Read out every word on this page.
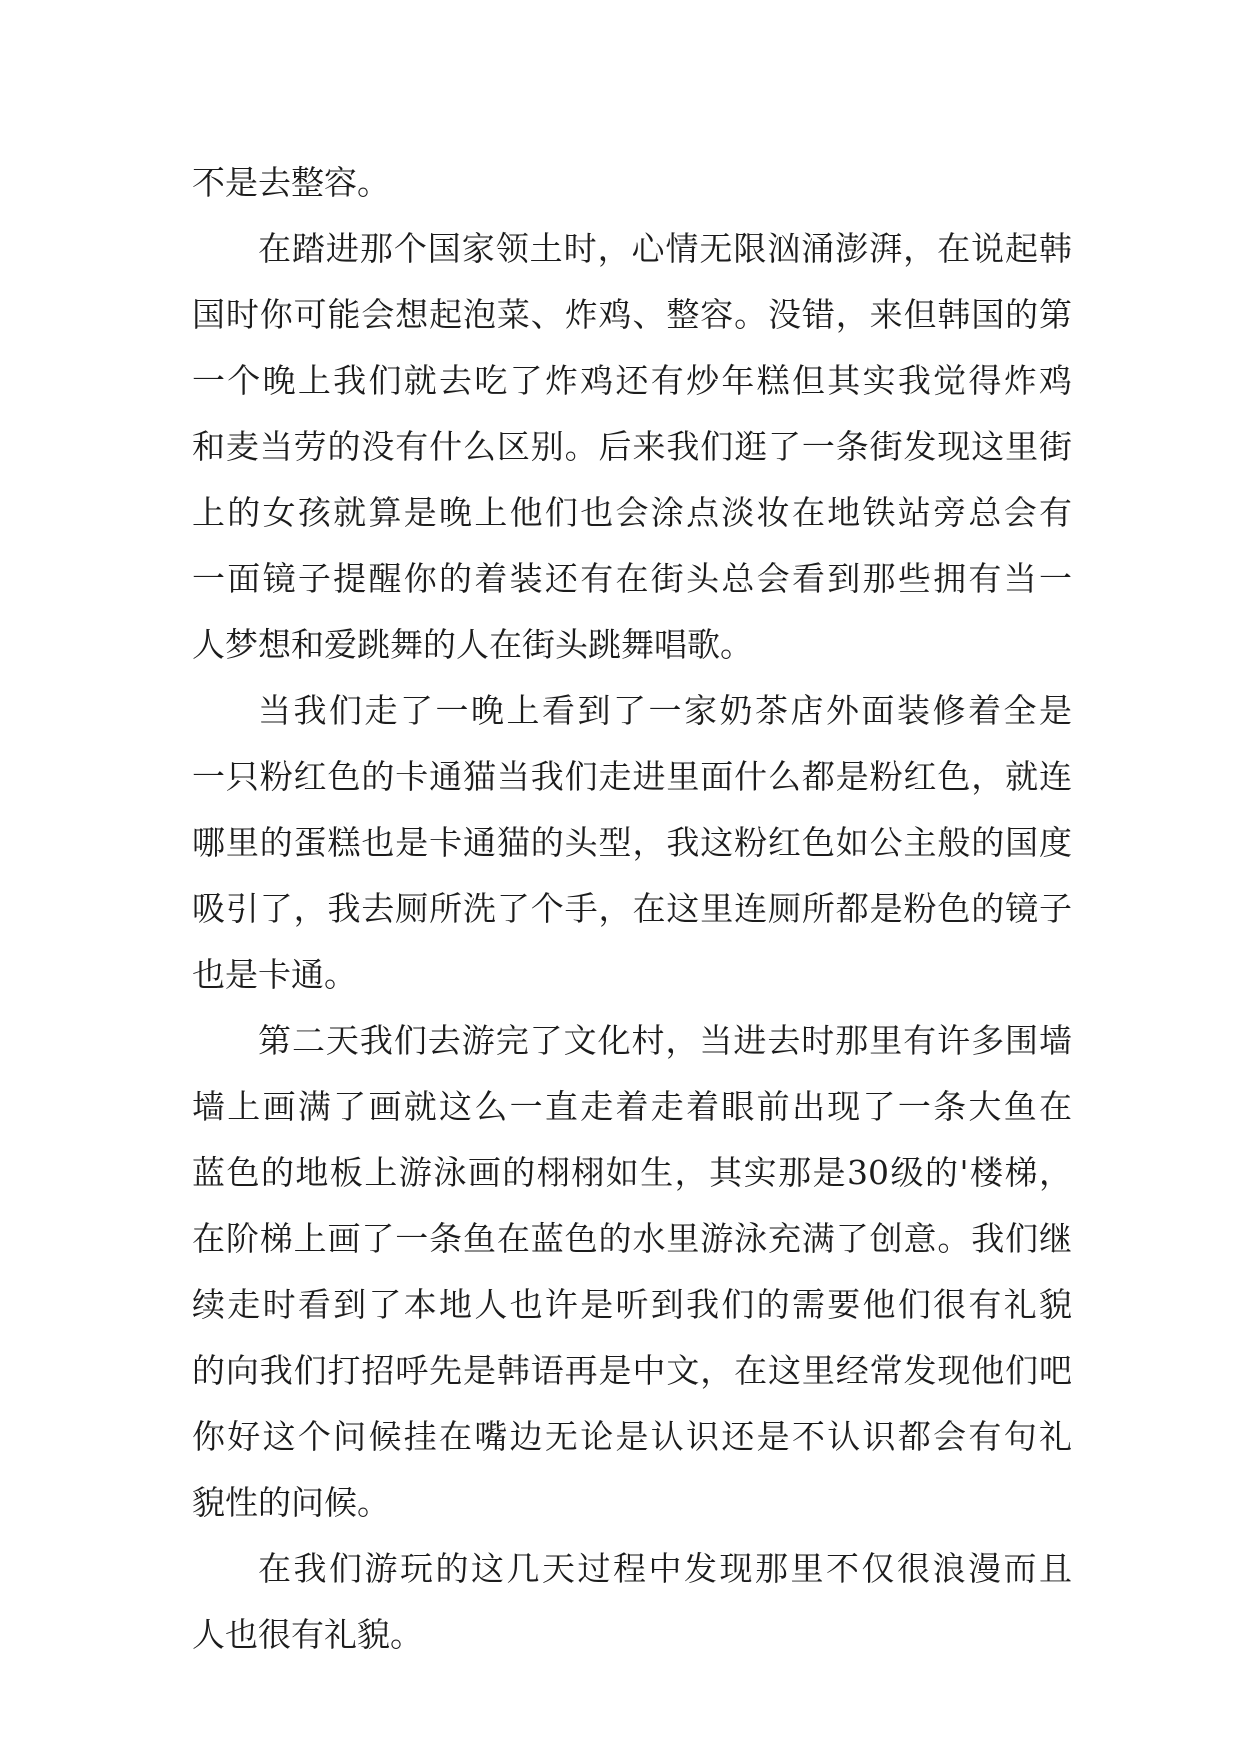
不是去整容。
在踏进那个国家领土时，心情无限汹涌澎湃，在说起韩
国时你可能会想起泡菜、炸鸡、整容。没错，来但韩国的第
一个晚上我们就去吃了炸鸡还有炒年糕但其实我觉得炸鸡
和麦当劳的没有什么区别。后来我们逛了一条街发现这里街
上的女孩就算是晚上他们也会涂点淡妆在地铁站旁总会有
一面镜子提醒你的着装还有在街头总会看到那些拥有当一
人梦想和爱跳舞的人在街头跳舞唱歌。
当我们走了一晚上看到了一家奶茶店外面装修着全是
一只粉红色的卡通猫当我们走进里面什么都是粉红色，就连
哪里的蛋糕也是卡通猫的头型，我这粉红色如公主般的国度
吸引了，我去厕所洗了个手，在这里连厕所都是粉色的镜子
也是卡通。
第二天我们去游完了文化村，当进去时那里有许多围墙
墙上画满了画就这么一直走着走着眼前出现了一条大鱼在
蓝色的地板上游泳画的栩栩如生，其实那是30级的'楼梯，
在阶梯上画了一条鱼在蓝色的水里游泳充满了创意。我们继
续走时看到了本地人也许是听到我们的需要他们很有礼貌
的向我们打招呼先是韩语再是中文，在这里经常发现他们吧
你好这个问候挂在嘴边无论是认识还是不认识都会有句礼
貌性的问候。
在我们游玩的这几天过程中发现那里不仅很浪漫而且
人也很有礼貌。
